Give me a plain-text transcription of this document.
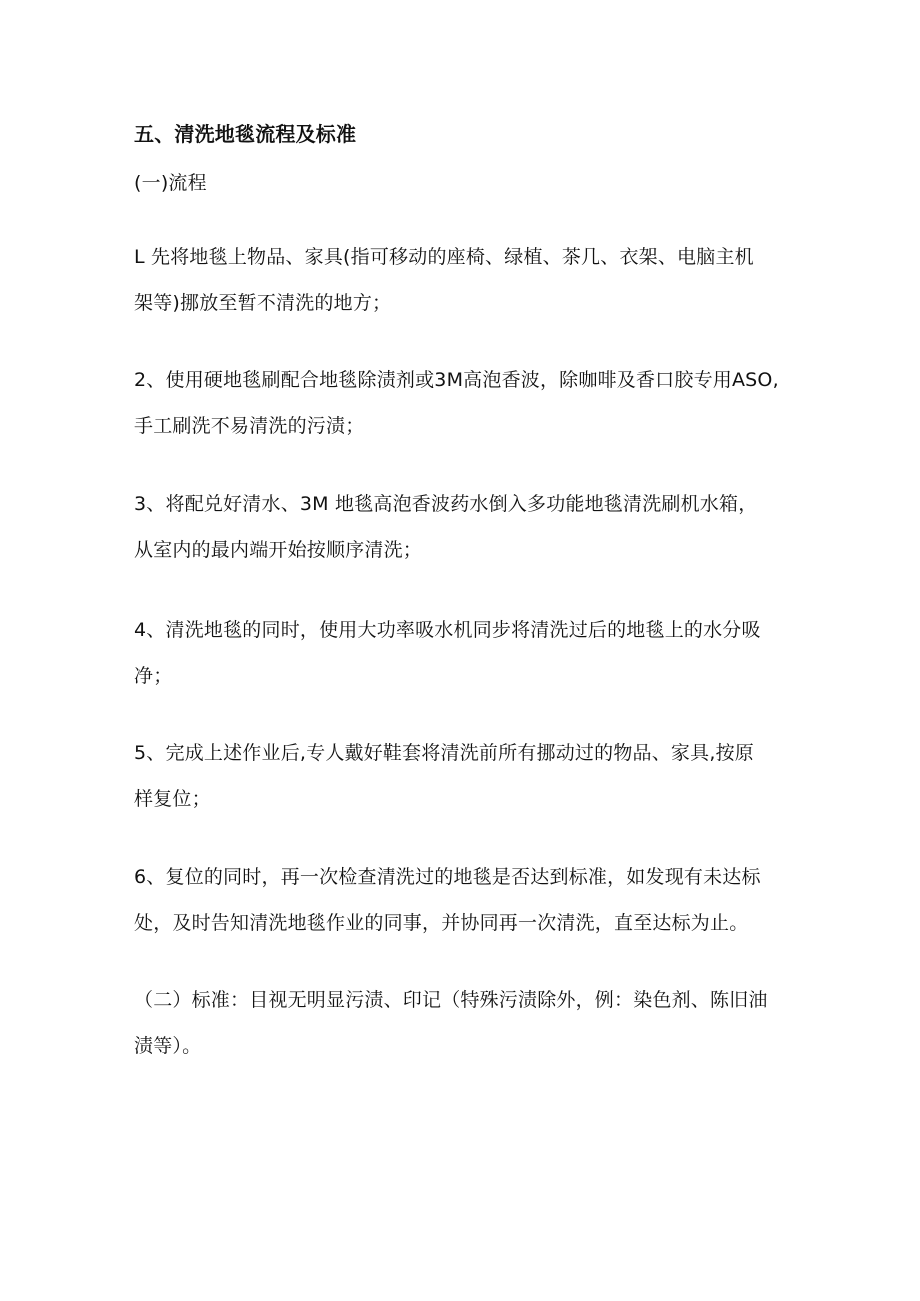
五、清洗地毯流程及标准
(一)流程
L 先将地毯上物品、家具(指可移动的座椅、绿植、茶几、衣架、电脑主机
架等)挪放至暂不清洗的地方；
2、使用硬地毯刷配合地毯除渍剂或3M高泡香波，除咖啡及香口胶专用ASO,
手工刷洗不易清洗的污渍；
3、将配兑好清水、3M 地毯高泡香波药水倒入多功能地毯清洗刷机水箱，
从室内的最内端开始按顺序清洗；
4、清洗地毯的同时，使用大功率吸水机同步将清洗过后的地毯上的水分吸
净；
5、完成上述作业后,专人戴好鞋套将清洗前所有挪动过的物品、家具,按原
样复位；
6、复位的同时，再一次检查清洗过的地毯是否达到标准，如发现有未达标
处，及时告知清洗地毯作业的同事，并协同再一次清洗，直至达标为止。
（二）标准：目视无明显污渍、印记（特殊污渍除外，例：染色剂、陈旧油
渍等）。
